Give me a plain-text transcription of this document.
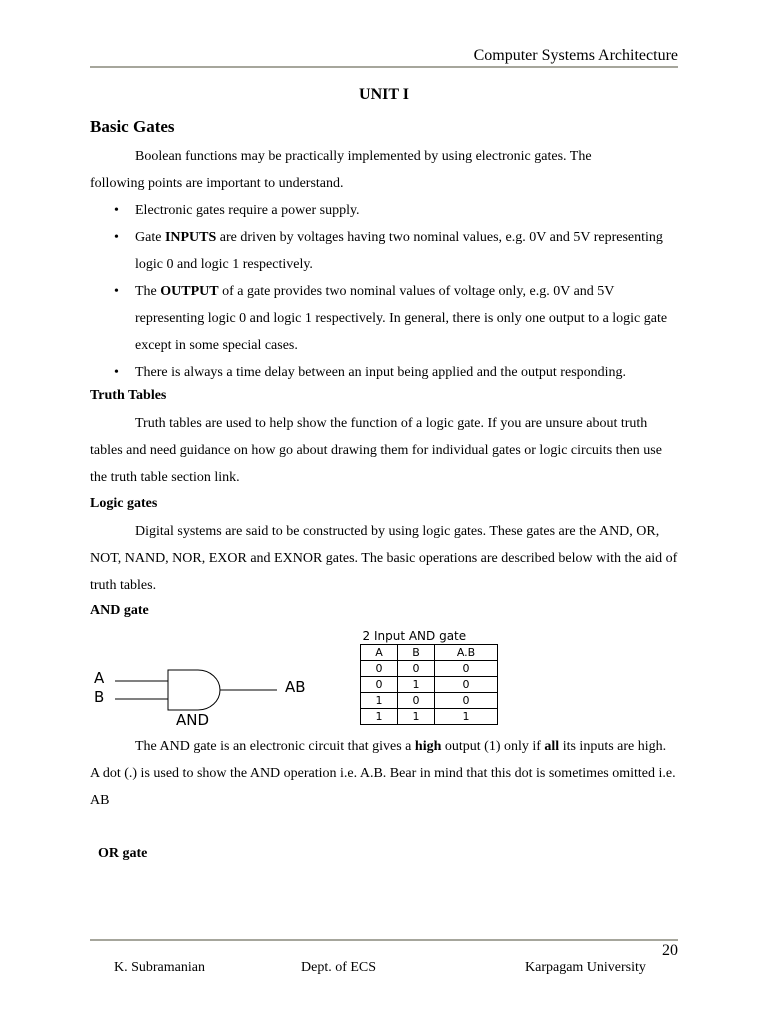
Computer Systems Architecture
UNIT I
Basic Gates

Boolean functions may be practically implemented by using electronic gates. The

following points are important to understand.

• Electronic gates require a power supply.
• Gate INPUTS are driven by voltages having two nominal values, e.g. 0V and 5V representing logic 0 and logic 1 respectively.
• The OUTPUT of a gate provides two nominal values of voltage only, e.g. 0V and 5V representing logic 0 and logic 1 respectively. In general, there is only one output to a logic gate except in some special cases.
• There is always a time delay between an input being applied and the output responding.
Truth Tables

Truth tables are used to help show the function of a logic gate. If you are unsure about truth tables and need guidance on how go about drawing them for individual gates or logic circuits then use the truth table section link.

Logic gates

Digital systems are said to be constructed by using logic gates. These gates are the AND, OR, NOT, NAND, NOR, EXOR and EXNOR gates. The basic operations are described below with the aid of truth tables.

AND gate
A
B
AB
AND
2 Input AND gate		
A	B	A.B
0	0	0
0	1	0
1	0	0
1	1	1

The AND gate is an electronic circuit that gives a high output (1) only if all its inputs are high. A dot (.) is used to show the AND operation i.e. A.B. Bear in mind that this dot is sometimes omitted i.e. AB

OR gate
20
K. Subramanian	Dept. of ECS	Karpagam University
